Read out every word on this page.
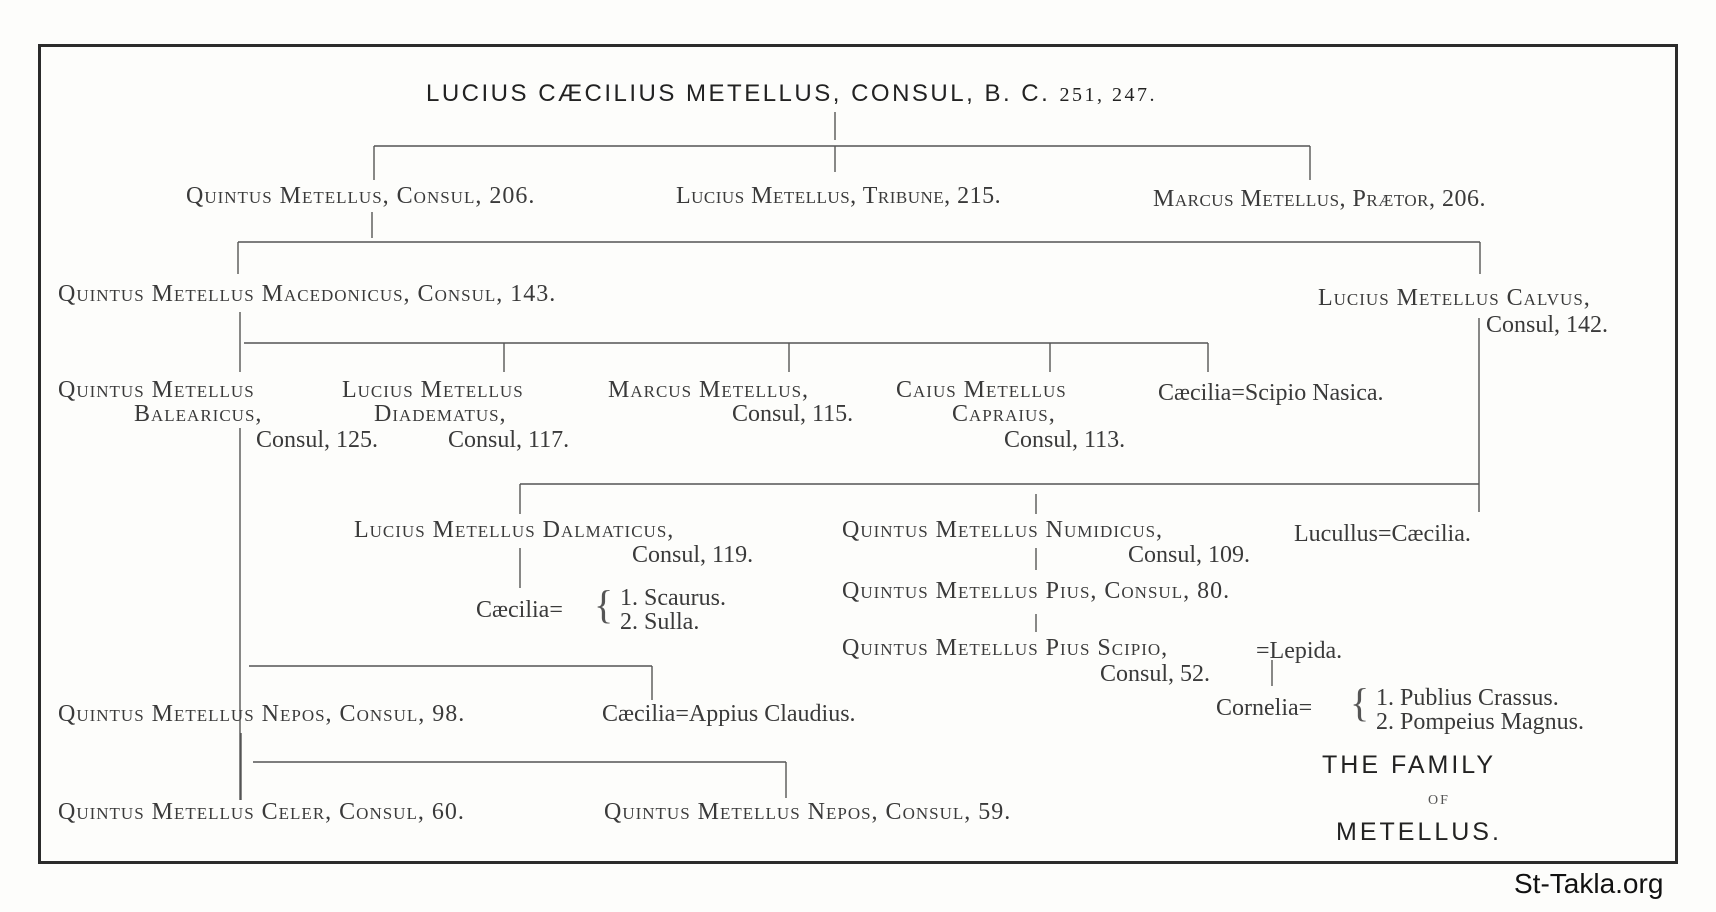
LUCIUS CÆCILIUS METELLUS, CONSUL, B. C. 251, 247.
Quintus Metellus, Consul, 206.	Lucius Metellus, Tribune, 215.	Marcus Metellus, Prætor, 206.
Quintus Metellus Macedonicus, Consul, 143.	Lucius Metellus Calvus,
Consul, 142.
Quintus Metellus
Balearicus,
Consul, 125.
Lucius Metellus
Diadematus,
Consul, 117.
Marcus Metellus,
Consul, 115.
Caius Metellus
Capraius,
Consul, 113.
Cæcilia=Scipio Nasica.
Lucius Metellus Dalmaticus,
Consul, 119.
Quintus Metellus Numidicus,
Consul, 109.
Lucullus=Cæcilia.
Cæcilia= { 1. Scaurus.
2. Sulla.
Quintus Metellus Pius, Consul, 80.
Quintus Metellus Pius Scipio,	=Lepida.
Consul, 52.
Cornelia= { 1. Publius Crassus.
2. Pompeius Magnus.
Quintus Metellus Nepos, Consul, 98.	Cæcilia=Appius Claudius.
Quintus Metellus Celer, Consul, 60.	Quintus Metellus Nepos, Consul, 59.
THE FAMILY
OF
METELLUS.
St-Takla.org
